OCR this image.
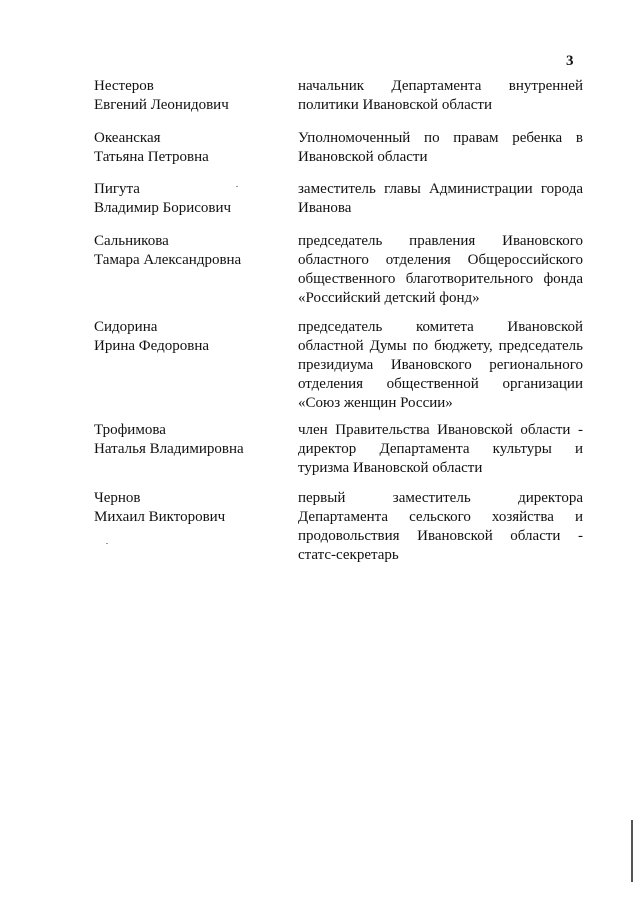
3
Нестеров
Евгений Леонидович
начальник Департамента внутренней
политики Ивановской области
Океанская
Татьяна Петровна
Уполномоченный по правам ребенка в
Ивановской области
Пигута
Владимир Борисович
заместитель главы Администрации города
Иванова
Сальникова
Тамара Александровна
председатель правления Ивановского
областного отделения Общероссийского
общественного благотворительного фонда
«Российский детский фонд»
Сидорина
Ирина Федоровна
председатель комитета Ивановской
областной Думы по бюджету, председатель
президиума Ивановского регионального
отделения общественной организации
«Союз женщин России»
Трофимова
Наталья Владимировна
член Правительства Ивановской области -
директор Департамента культуры и
туризма Ивановской области
Чернов
Михаил Викторович
первый заместитель директора
Департамента сельского хозяйства и
продовольствия Ивановской области -
статс-секретарь
